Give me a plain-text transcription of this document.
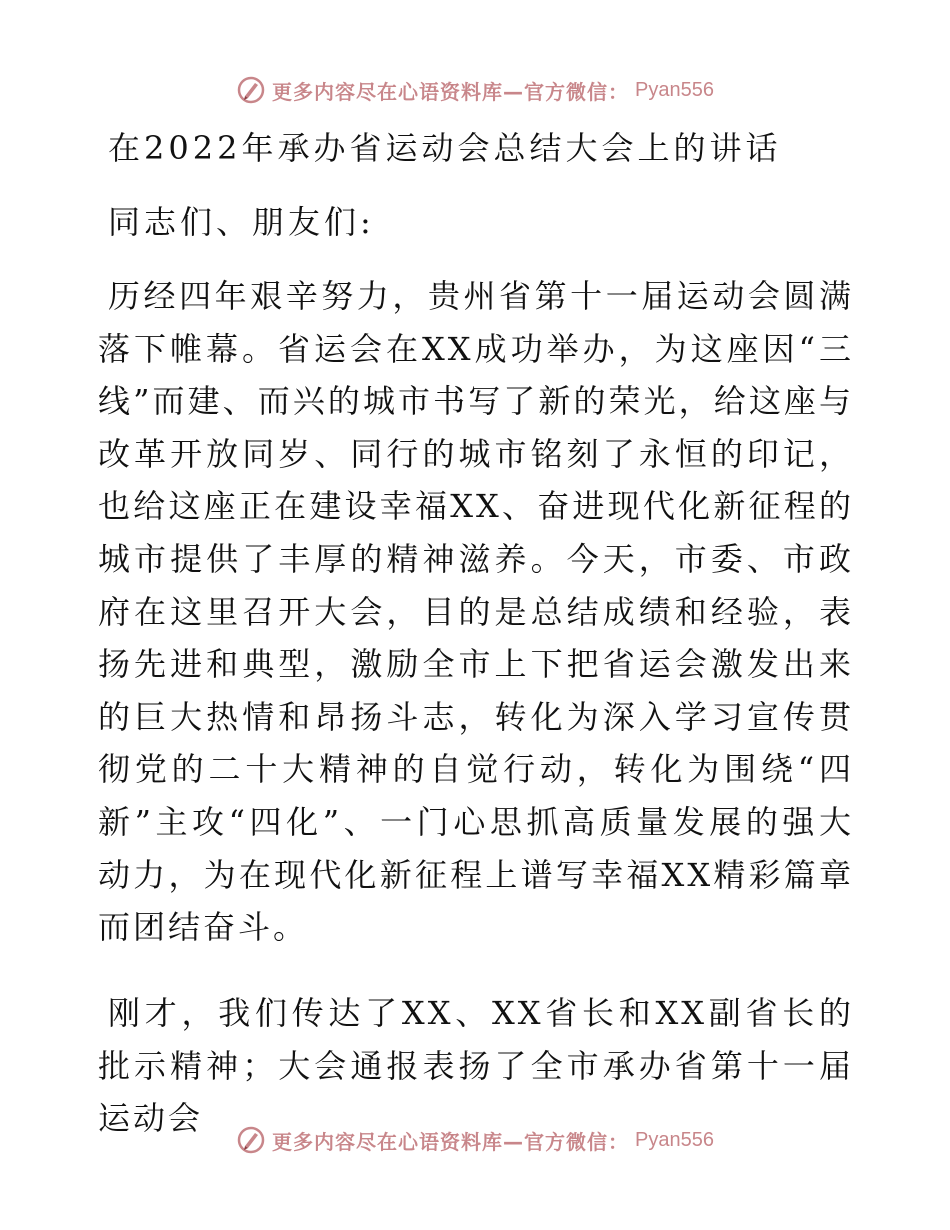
更多内容尽在心语资料库—官方微信： Pyan556
在2022年承办省运动会总结大会上的讲话
同志们、朋友们:

历经四年艰辛努力，贵州省第十一届运动会圆满落下帷幕。省运会在XX成功举办，为这座因“三线”而建、而兴的城市书写了新的荣光，给这座与改革开放同岁、同行的城市铭刻了永恒的印记，也给这座正在建设幸福XX、奋进现代化新征程的城市提供了丰厚的精神滋养。今天，市委、市政府在这里召开大会，目的是总结成绩和经验，表扬先进和典型，激励全市上下把省运会激发出来的巨大热情和昂扬斗志，转化为深入学习宣传贯彻党的二十大精神的自觉行动，转化为围绕“四新”主攻“四化”、一门心思抓高质量发展的强大动力，为在现代化新征程上谱写幸福XX精彩篇章而团结奋斗。

刚才，我们传达了XX、XX省长和XX副省长的批示精神；大会通报表扬了全市承办省第十一届运动会

更多内容尽在心语资料库—官方微信： Pyan556
